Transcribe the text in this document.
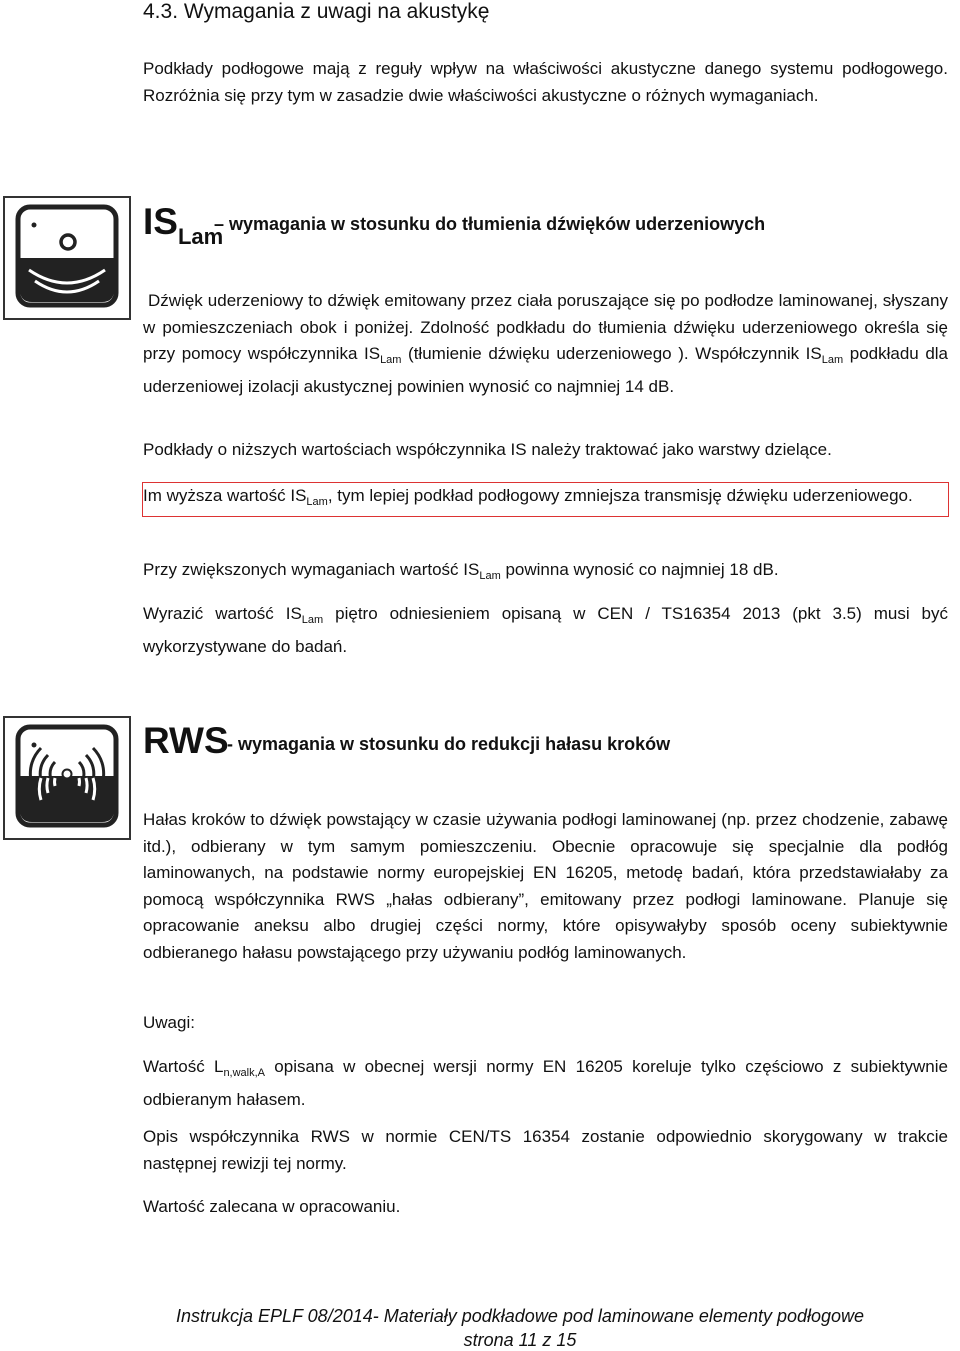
4.3. Wymagania z uwagi na akustykę

Podkłady podłogowe mają z reguły wpływ na właściwości akustyczne danego systemu podłogowego. Rozróżnia się przy tym w zasadzie dwie właściwości akustyczne o różnych wymaganiach.

$IS_{Lam}$
– wymagania w stosunku do tłumienia dźwięków uderzeniowych

Dźwięk uderzeniowy to dźwięk emitowany przez ciała poruszające się po podłodze laminowanej, słyszany w pomieszczeniach obok i poniżej. Zdolność podkładu do tłumienia dźwięku uderzeniowego określa się przy pomocy współczynnika $IS_{Lam}$ (tłumienie dźwięku uderzeniowego ). Współczynnik $IS_{Lam}$ podkładu dla uderzeniowej izolacji akustycznej powinien wynosić co najmniej 14 dB.

Podkłady o niższych wartościach współczynnika IS należy traktować jako warstwy dzielące.

Im wyższa wartość $IS_{Lam}$, tym lepiej podkład podłogowy zmniejsza transmisję dźwięku uderzeniowego.

Przy zwiększonych wymaganiach wartość $IS_{Lam}$ powinna wynosić co najmniej 18 dB.

Wyrazić wartość $IS_{Lam}$ piętro odniesieniem opisaną w CEN / TS16354 2013 (pkt 3.5) musi być wykorzystywane do badań.

RWS
- wymagania w stosunku do redukcji hałasu kroków

Hałas kroków to dźwięk powstający w czasie używania podłogi laminowanej (np. przez chodzenie, zabawę itd.), odbierany w tym samym pomieszczeniu. Obecnie opracowuje się specjalnie dla podłóg laminowanych, na podstawie normy europejskiej EN 16205, metodę badań, która przedstawiałaby za pomocą współczynnika RWS „hałas odbierany”, emitowany przez podłogi laminowane. Planuje się opracowanie aneksu albo drugiej części normy, które opisywałyby sposób oceny subiektywnie odbieranego hałasu powstającego przy używaniu podłóg laminowanych.

Uwagi:

Wartość $L_{n,walk,A}$ opisana w obecnej wersji normy EN 16205 koreluje tylko częściowo z subiektywnie odbieranym hałasem.

Opis współczynnika RWS w normie CEN/TS 16354 zostanie odpowiednio skorygowany w trakcie następnej rewizji tej normy.

Wartość zalecana w opracowaniu.

Instrukcja EPLF 08/2014- Materiały podkładowe pod laminowane elementy podłogowe

strona 11 z 15
